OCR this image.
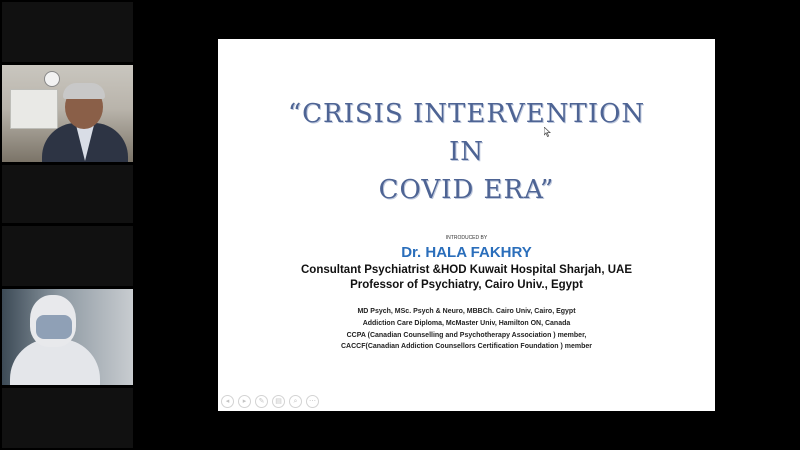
“CRISIS INTERVENTION
IN
COVID ERA”
INTRODUCED BY
Dr. HALA FAKHRY
Consultant Psychiatrist &HOD Kuwait Hospital Sharjah, UAE
Professor of Psychiatry, Cairo Univ., Egypt
MD Psych, MSc. Psych & Neuro, MBBCh. Cairo Univ, Cairo, Egypt
Addiction Care Diploma, McMaster Univ, Hamilton ON, Canada
CCPA (Canadian Counselling and Psychotherapy Association ) member,
CACCF(Canadian Addiction Counsellors Certification Foundation ) member
◂	▸	✎	▤	⌕	⋯
